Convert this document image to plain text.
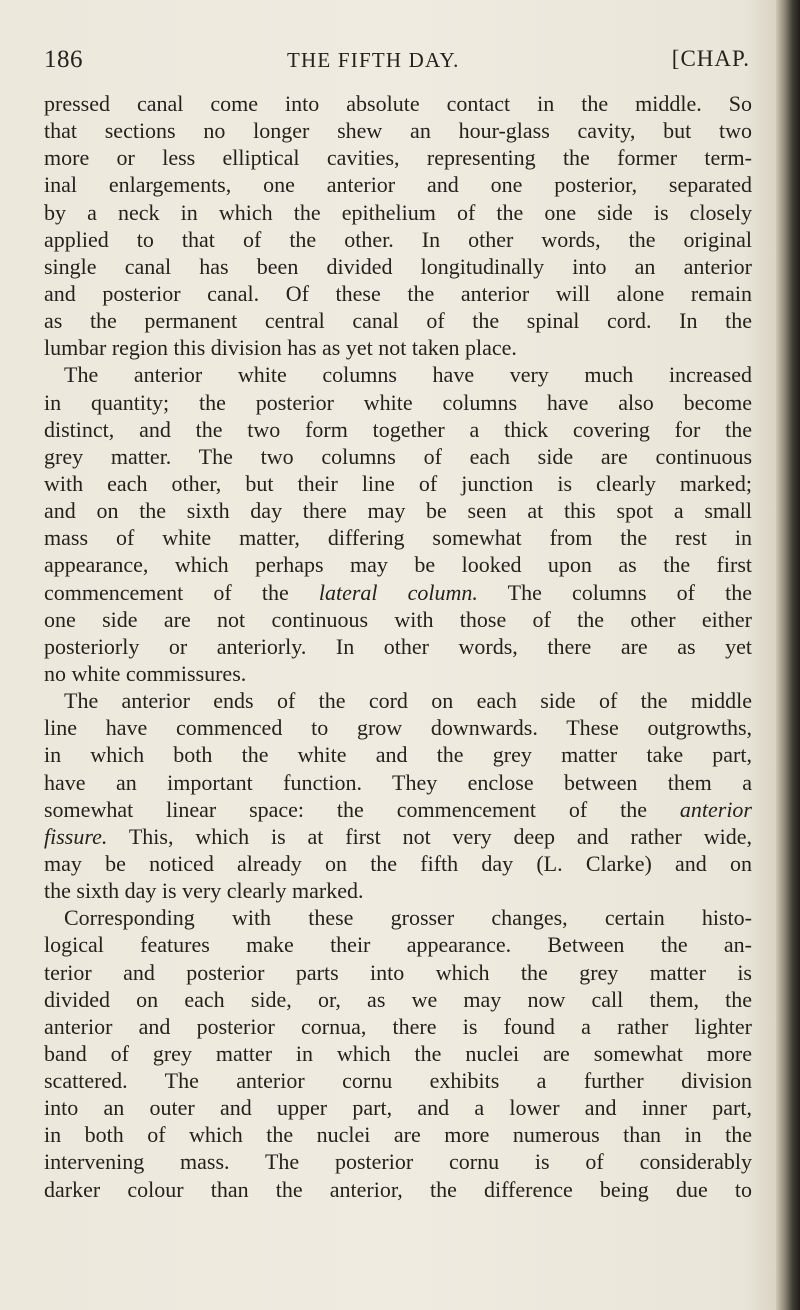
186	THE FIFTH DAY.	[CHAP.
pressed canal come into absolute contact in the middle. So
that sections no longer shew an hour-glass cavity, but two
more or less elliptical cavities, representing the former term-
inal enlargements, one anterior and one posterior, separated
by a neck in which the epithelium of the one side is closely
applied to that of the other. In other words, the original
single canal has been divided longitudinally into an anterior
and posterior canal. Of these the anterior will alone remain
as the permanent central canal of the spinal cord. In the
lumbar region this division has as yet not taken place.
The anterior white columns have very much increased
in quantity; the posterior white columns have also become
distinct, and the two form together a thick covering for the
grey matter. The two columns of each side are continuous
with each other, but their line of junction is clearly marked;
and on the sixth day there may be seen at this spot a small
mass of white matter, differing somewhat from the rest in
appearance, which perhaps may be looked upon as the first
commencement of the lateral column. The columns of the
one side are not continuous with those of the other either
posteriorly or anteriorly. In other words, there are as yet
no white commissures.
The anterior ends of the cord on each side of the middle
line have commenced to grow downwards. These outgrowths,
in which both the white and the grey matter take part,
have an important function. They enclose between them a
somewhat linear space: the commencement of the anterior
fissure. This, which is at first not very deep and rather wide,
may be noticed already on the fifth day (L. Clarke) and on
the sixth day is very clearly marked.
Corresponding with these grosser changes, certain histo-
logical features make their appearance. Between the an-
terior and posterior parts into which the grey matter is
divided on each side, or, as we may now call them, the
anterior and posterior cornua, there is found a rather lighter
band of grey matter in which the nuclei are somewhat more
scattered. The anterior cornu exhibits a further division
into an outer and upper part, and a lower and inner part,
in both of which the nuclei are more numerous than in the
intervening mass. The posterior cornu is of considerably
darker colour than the anterior, the difference being due to
